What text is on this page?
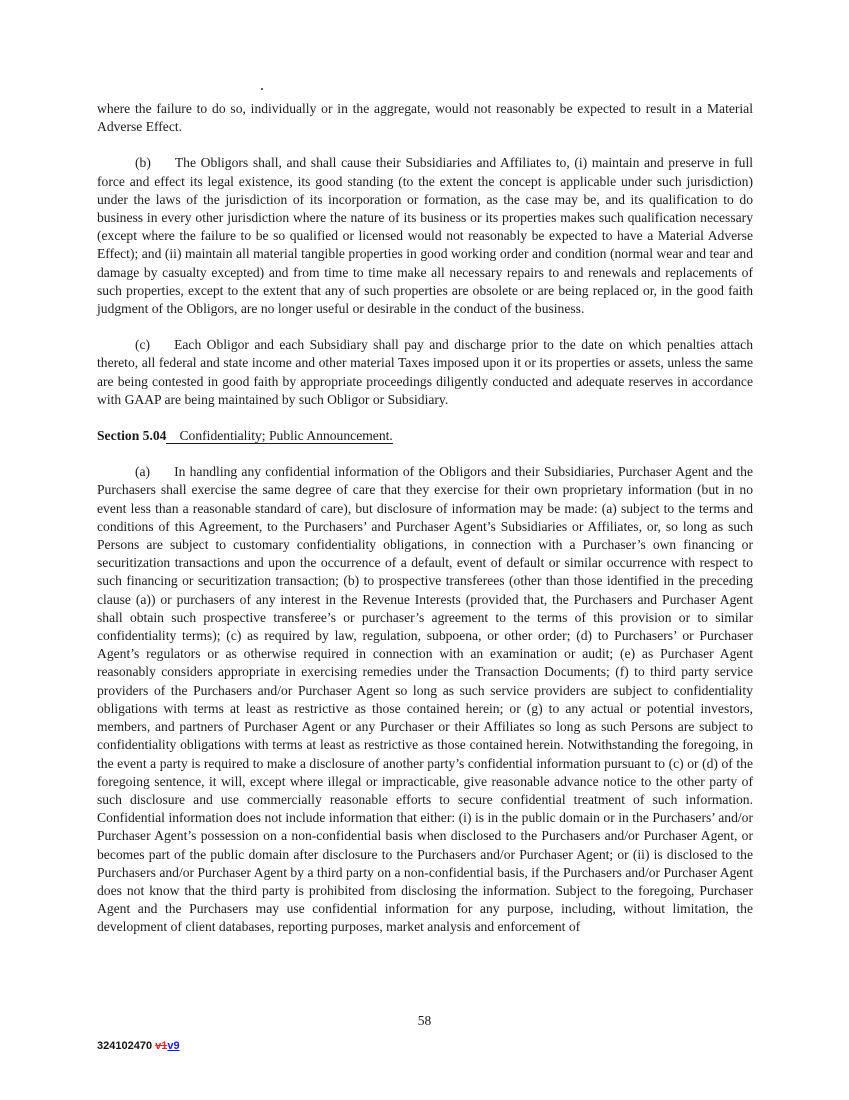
where the failure to do so, individually or in the aggregate, would not reasonably be expected to result in a Material Adverse Effect.

(b) The Obligors shall, and shall cause their Subsidiaries and Affiliates to, (i) maintain and preserve in full force and effect its legal existence, its good standing (to the extent the concept is applicable under such jurisdiction) under the laws of the jurisdiction of its incorporation or formation, as the case may be, and its qualification to do business in every other jurisdiction where the nature of its business or its properties makes such qualification necessary (except where the failure to be so qualified or licensed would not reasonably be expected to have a Material Adverse Effect); and (ii) maintain all material tangible properties in good working order and condition (normal wear and tear and damage by casualty excepted) and from time to time make all necessary repairs to and renewals and replacements of such properties, except to the extent that any of such properties are obsolete or are being replaced or, in the good faith judgment of the Obligors, are no longer useful or desirable in the conduct of the business.

(c) Each Obligor and each Subsidiary shall pay and discharge prior to the date on which penalties attach thereto, all federal and state income and other material Taxes imposed upon it or its properties or assets, unless the same are being contested in good faith by appropriate proceedings diligently conducted and adequate reserves in accordance with GAAP are being maintained by such Obligor or Subsidiary.

Section 5.04 Confidentiality; Public Announcement.

(a) In handling any confidential information of the Obligors and their Subsidiaries, Purchaser Agent and the Purchasers shall exercise the same degree of care that they exercise for their own proprietary information (but in no event less than a reasonable standard of care), but disclosure of information may be made: (a) subject to the terms and conditions of this Agreement, to the Purchasers’ and Purchaser Agent’s Subsidiaries or Affiliates, or, so long as such Persons are subject to customary confidentiality obligations, in connection with a Purchaser’s own financing or securitization transactions and upon the occurrence of a default, event of default or similar occurrence with respect to such financing or securitization transaction; (b) to prospective transferees (other than those identified in the preceding clause (a)) or purchasers of any interest in the Revenue Interests (provided that, the Purchasers and Purchaser Agent shall obtain such prospective transferee’s or purchaser’s agreement to the terms of this provision or to similar confidentiality terms); (c) as required by law, regulation, subpoena, or other order; (d) to Purchasers’ or Purchaser Agent’s regulators or as otherwise required in connection with an examination or audit; (e) as Purchaser Agent reasonably considers appropriate in exercising remedies under the Transaction Documents; (f) to third party service providers of the Purchasers and/or Purchaser Agent so long as such service providers are subject to confidentiality obligations with terms at least as restrictive as those contained herein; or (g) to any actual or potential investors, members, and partners of Purchaser Agent or any Purchaser or their Affiliates so long as such Persons are subject to confidentiality obligations with terms at least as restrictive as those contained herein. Notwithstanding the foregoing, in the event a party is required to make a disclosure of another party’s confidential information pursuant to (c) or (d) of the foregoing sentence, it will, except where illegal or impracticable, give reasonable advance notice to the other party of such disclosure and use commercially reasonable efforts to secure confidential treatment of such information. Confidential information does not include information that either: (i) is in the public domain or in the Purchasers’ and/or Purchaser Agent’s possession on a non-confidential basis when disclosed to the Purchasers and/or Purchaser Agent, or becomes part of the public domain after disclosure to the Purchasers and/or Purchaser Agent; or (ii) is disclosed to the Purchasers and/or Purchaser Agent by a third party on a non-confidential basis, if the Purchasers and/or Purchaser Agent does not know that the third party is prohibited from disclosing the information. Subject to the foregoing, Purchaser Agent and the Purchasers may use confidential information for any purpose, including, without limitation, the development of client databases, reporting purposes, market analysis and enforcement of

58
324102470 v1v9
